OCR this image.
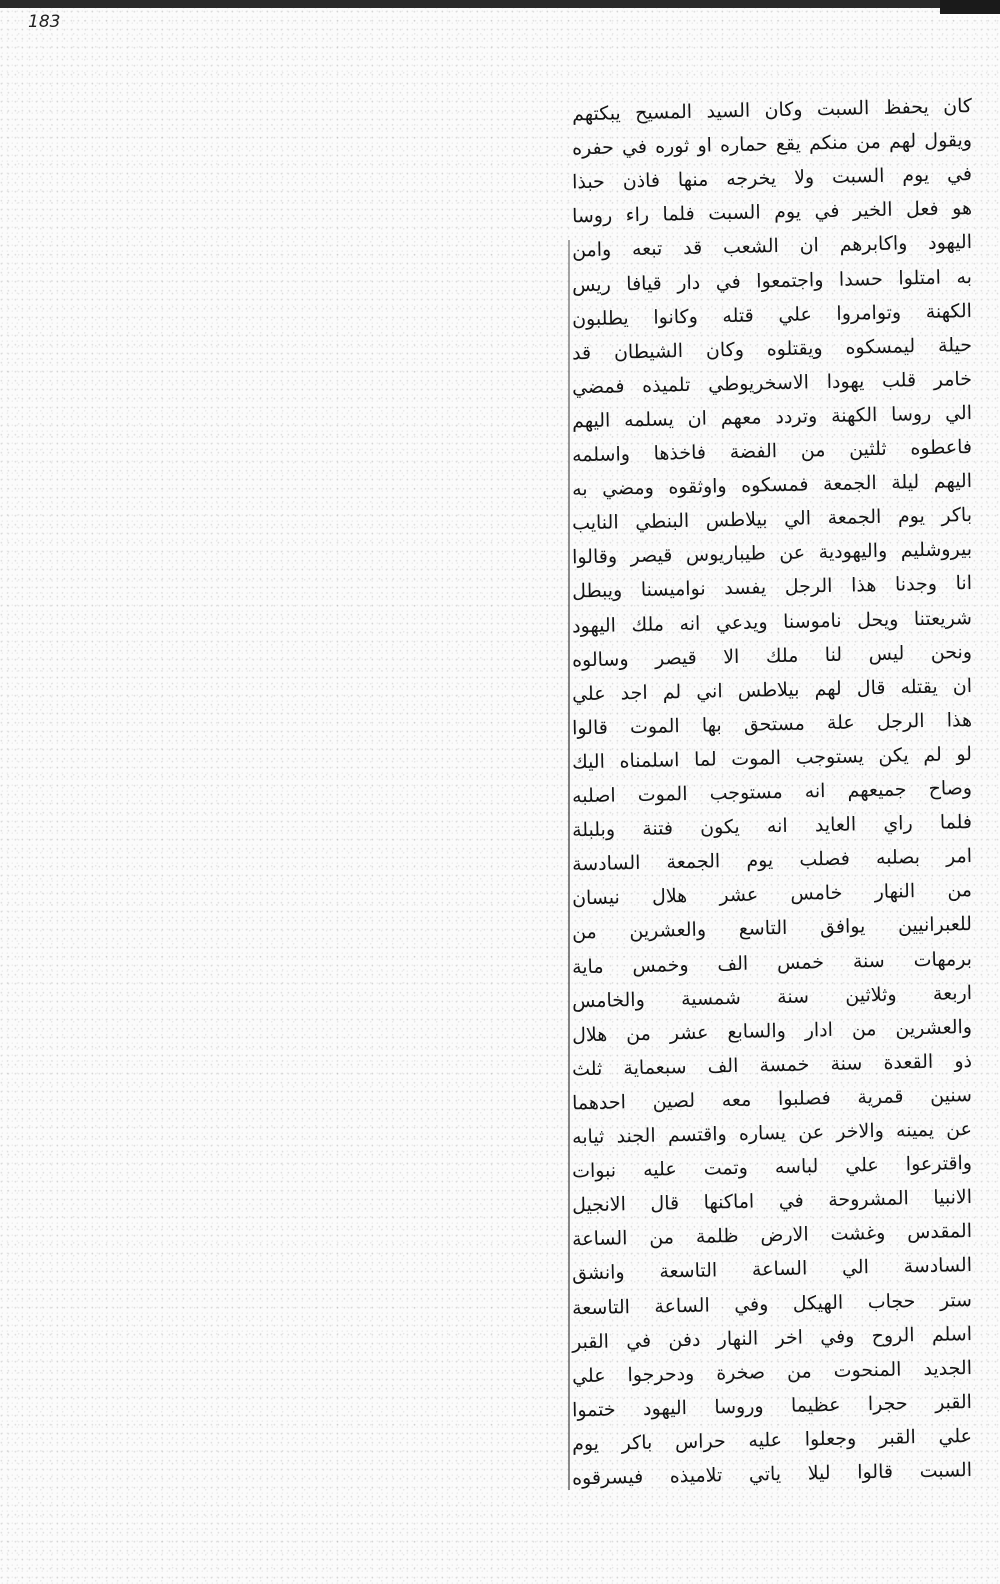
183
كان يحفظ السبت وكان السيد المسيح يبكتهم
ويقول لهم من منكم يقع حماره او ثوره في حفره
في يوم السبت ولا يخرجه منها فاذن حبذا
هو فعل الخير في يوم السبت فلما راء روسا
اليهود واكابرهم ان الشعب قد تبعه وامن
به امتلوا حسدا واجتمعوا في دار قيافا ريس
الكهنة وتوامروا علي قتله وكانوا يطلبون
حيلة ليمسكوه ويقتلوه وكان الشيطان قد
خامر قلب يهودا الاسخريوطي تلميذه فمضي
الي روسا الكهنة وتردد معهم ان يسلمه اليهم
فاعطوه ثلثين من الفضة فاخذها واسلمه
اليهم ليلة الجمعة فمسكوه واوثقوه ومضي به
باكر يوم الجمعة الي بيلاطس البنطي النايب
بيروشليم واليهودية عن طيباريوس قيصر وقالوا
انا وجدنا هذا الرجل يفسد نواميسنا ويبطل
شريعتنا ويحل ناموسنا ويدعي انه ملك اليهود
ونحن ليس لنا ملك الا قيصر وسالوه
ان يقتله قال لهم بيلاطس اني لم اجد علي
هذا الرجل علة مستحق بها الموت قالوا
لو لم يكن يستوجب الموت لما اسلمناه اليك
وصاح جميعهم انه مستوجب الموت اصلبه
فلما راي العايد انه يكون فتنة وبلبلة
امر بصلبه فصلب يوم الجمعة السادسة
من النهار خامس عشر هلال نيسان
للعبرانيين يوافق التاسع والعشرين من
برمهات سنة خمس الف وخمس ماية
اربعة وثلاثين سنة شمسية والخامس
والعشرين من ادار والسابع عشر من هلال
ذو القعدة سنة خمسة الف سبعماية ثلث
سنين قمرية فصلبوا معه لصين احدهما
عن يمينه والاخر عن يساره واقتسم الجند ثيابه
واقترعوا علي لباسه وتمت عليه نبوات
الانبيا المشروحة في اماكنها قال الانجيل
المقدس وغشت الارض ظلمة من الساعة
السادسة الي الساعة التاسعة وانشق
ستر حجاب الهيكل وفي الساعة التاسعة
اسلم الروح وفي اخر النهار دفن في القبر
الجديد المنحوت من صخرة ودحرجوا علي
القبر حجرا عظيما وروسا اليهود ختموا
علي القبر وجعلوا عليه حراس باكر يوم
السبت قالوا ليلا ياتي تلاميذه فيسرقوه
